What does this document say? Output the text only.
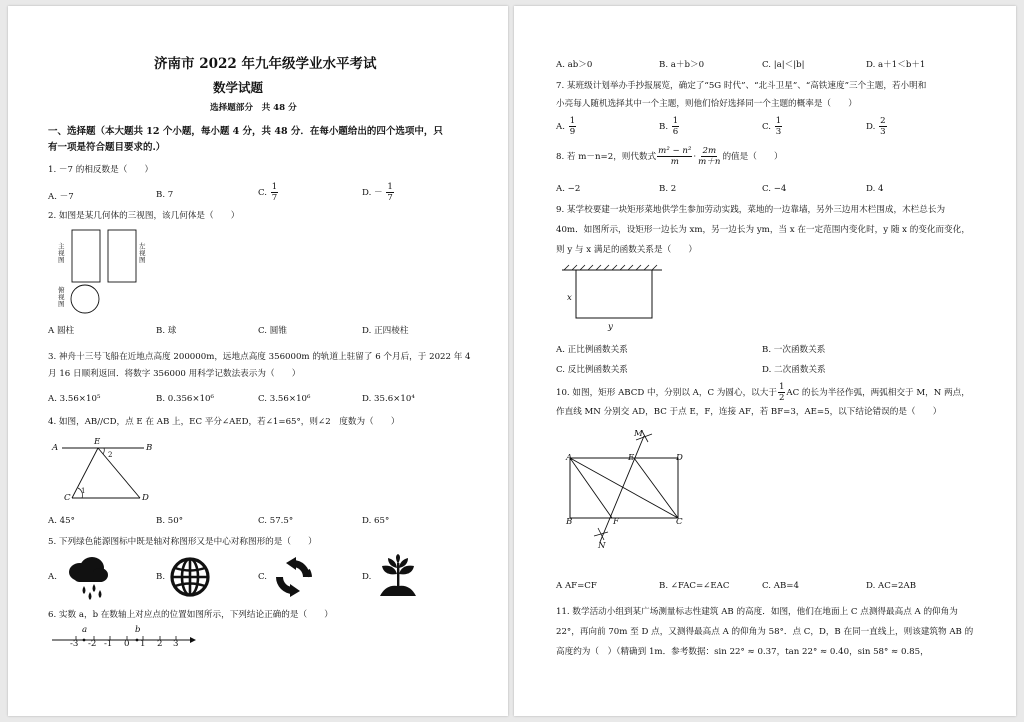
济南市 2022 年九年级学业水平考试
数学试题
选择题部分　共 48 分
一、选择题（本大题共 12 个小题，每小题 4 分，共 48 分．在每小题给出的四个选项中，只
有一项是符合题目要求的.）
1. －7 的相反数是（　　）
A. －7	B. 7	C. $\frac{1}{7}$	D. － $\frac{1}{7}$
2. 如图是某几何体的三视图，该几何体是（　　）
主视图
左视图
俯视图
A 圆柱	B. 球	C. 圆锥	D. 正四棱柱
3. 神舟十三号飞船在近地点高度 200000m，远地点高度 356000m 的轨道上驻留了 6 个月后，于 2022 年 4
月 16 日顺利返回．将数字 356000 用科学记数法表示为（　　）
A. 3.56×10⁵	B. 0.356×10⁶	C. 3.56×10⁶	D. 35.6×10⁴
4. 如图，AB//CD，点 E 在 AB 上，EC 平分∠AED，若∠1=65°，则∠2　度数为（　　）
A
E
B
C	D
1
2
A. 45°	B. 50°	C. 57.5°	D. 65°
5. 下列绿色能源图标中既是轴对称图形又是中心对称图形的是（　　）
A.	B.	C.	D.
6. 实数 a，b 在数轴上对应点的位置如图所示，下列结论正确的是（　　）
a	b
-3 -2 -1 0 1 2 3
A. ab＞0	B. a＋b＞0	C. |a|＜|b|	D. a＋1＜b＋1
7. 某班级计划举办手抄报展览，确定了“5G 时代”、“北斗卫星”、“高铁速度”三个主题，若小明和
小亮每人随机选择其中一个主题，则他们恰好选择同一个主题的概率是（　　）
A. $\frac{1}{9}$	B. $\frac{1}{6}$	C. $\frac{1}{3}$	D. $\frac{2}{3}$
8. 若 m－n=2，则代数式 $\frac{\text{m² − n²}}{m} \cdot \frac{2m}{m+n}$ 的值是（　　）
A. −2	B. 2	C. −4	D. 4
9. 某学校要建一块矩形菜地供学生参加劳动实践，菜地的一边靠墙，另外三边用木栏围成，木栏总长为
40m．如图所示，设矩形一边长为 xm，另一边长为 ym，当 x 在一定范围内变化时，y 随 x 的变化而变化，
则 y 与 x 满足的函数关系是（　　）
x
y
A. 正比例函数关系	B. 一次函数关系
C. 反比例函数关系	D. 二次函数关系
10. 如图，矩形 ABCD 中，分别以 A，C 为圆心，以大于 $\frac{1}{2}$ AC 的长为半径作弧，两弧相交于 M，N 两点，
作直线 MN 分别交 AD，BC 于点 E，F，连接 AF，若 BF=3，AE=5，以下结论错误的是（　　）
M
A	E	D
B	F	C
N
A AF=CF	B. ∠FAC=∠EAC	C. AB=4	D. AC=2AB
11. 数学活动小组到某广场测量标志性建筑 AB 的高度．如图，他们在地面上 C 点测得最高点 A 的仰角为
22°，再向前 70m 至 D 点，又测得最高点 A 的仰角为 58°．点 C，D，B 在同一直线上，则该建筑物 AB 的
高度约为（　）（精确到 1m．参考数据：sin 22° ≈ 0.37，tan 22° ≈ 0.40，sin 58° ≈ 0.85，
